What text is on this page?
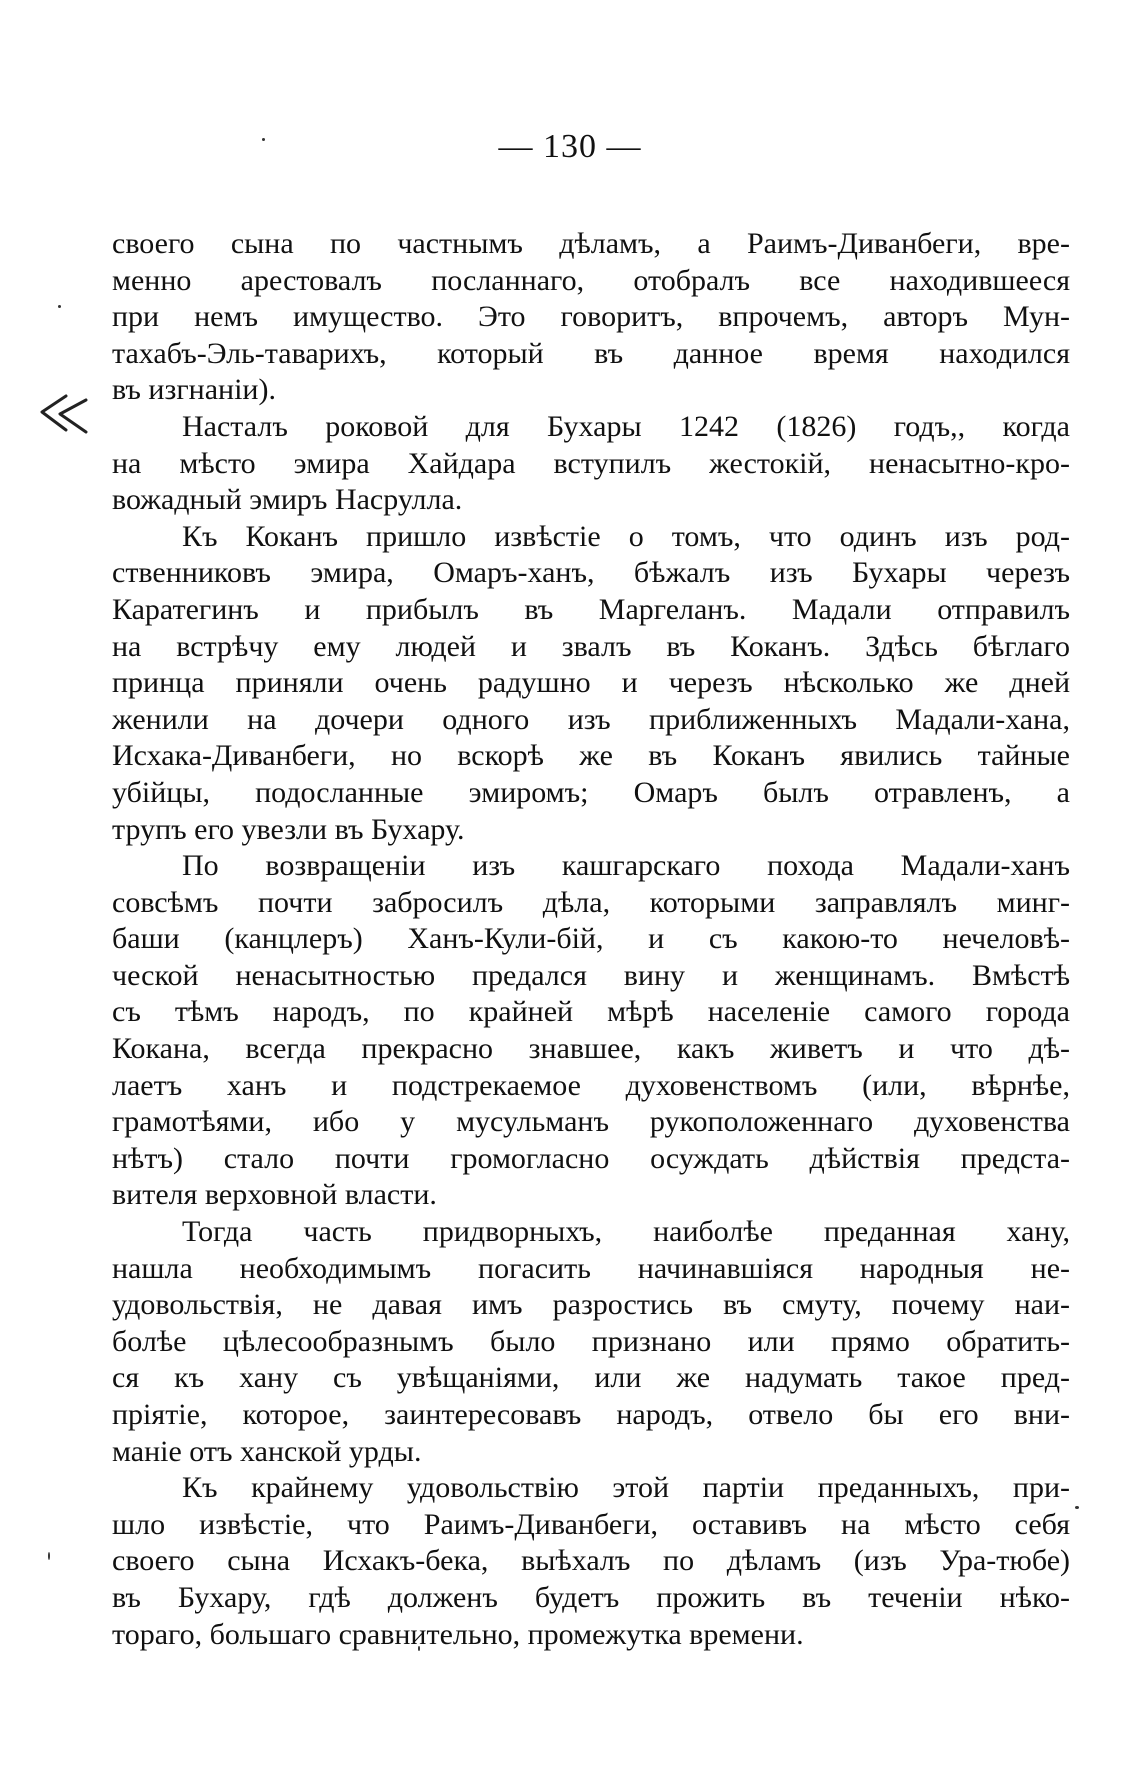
— 130 —
своего сына по частнымъ дѣламъ, а Раимъ-Диванбеги, вре-
менно арестовалъ посланнаго, отобралъ все находившееся
при немъ имущество. Это говоритъ, впрочемъ, авторъ Мун-
тахабъ-Эль-таварихъ, который въ данное время находился
въ изгнаніи).
Насталъ роковой для Бухары 1242 (1826) годъ,, когда
на мѣсто эмира Хайдара вступилъ жестокій, ненасытно-кро-
вожадный эмиръ Насрулла.
Къ Коканъ пришло извѣстіе о томъ, что одинъ изъ род-
ственниковъ эмира, Омаръ-ханъ, бѣжалъ изъ Бухары черезъ
Каратегинъ и прибылъ въ Маргеланъ. Мадали отправилъ
на встрѣчу ему людей и звалъ въ Коканъ. Здѣсь бѣглаго
принца приняли очень радушно и черезъ нѣсколько же дней
женили на дочери одного изъ приближенныхъ Мадали-хана,
Исхака-Диванбеги, но вскорѣ же въ Коканъ явились тайные
убійцы, подосланные эмиромъ; Омаръ былъ отравленъ, а
трупъ его увезли въ Бухару.
По возвращеніи изъ кашгарскаго похода Мадали-ханъ
совсѣмъ почти забросилъ дѣла, которыми заправлялъ минг-
баши (канцлеръ) Ханъ-Кули-бій, и съ какою-то нечеловѣ-
ческой ненасытностью предался вину и женщинамъ. Вмѣстѣ
съ тѣмъ народъ, по крайней мѣрѣ населеніе самого города
Кокана, всегда прекрасно знавшее, какъ живетъ и что дѣ-
лаетъ ханъ и подстрекаемое духовенствомъ (или, вѣрнѣе,
грамотѣями, ибо у мусульманъ рукоположеннаго духовенства
нѣтъ) стало почти громогласно осуждать дѣйствія предста-
вителя верховной власти.
Тогда часть придворныхъ, наиболѣе преданная хану,
нашла необходимымъ погасить начинавшіяся народныя не-
удовольствія, не давая имъ разростись въ смуту, почему наи-
болѣе цѣлесообразнымъ было признано или прямо обратить-
ся къ хану съ увѣщаніями, или же надумать такое пред-
пріятіе, которое, заинтересовавъ народъ, отвело бы его вни-
маніе отъ ханской урды.
Къ крайнему удовольствію этой партіи преданныхъ, при-
шло извѣстіе, что Раимъ-Диванбеги, оставивъ на мѣсто себя
своего сына Исхакъ-бека, выѣхалъ по дѣламъ (изъ Ура-тюбе)
въ Бухару, гдѣ долженъ будетъ прожить въ теченіи нѣко-
тораго, большаго сравнительно, промежутка времени.
